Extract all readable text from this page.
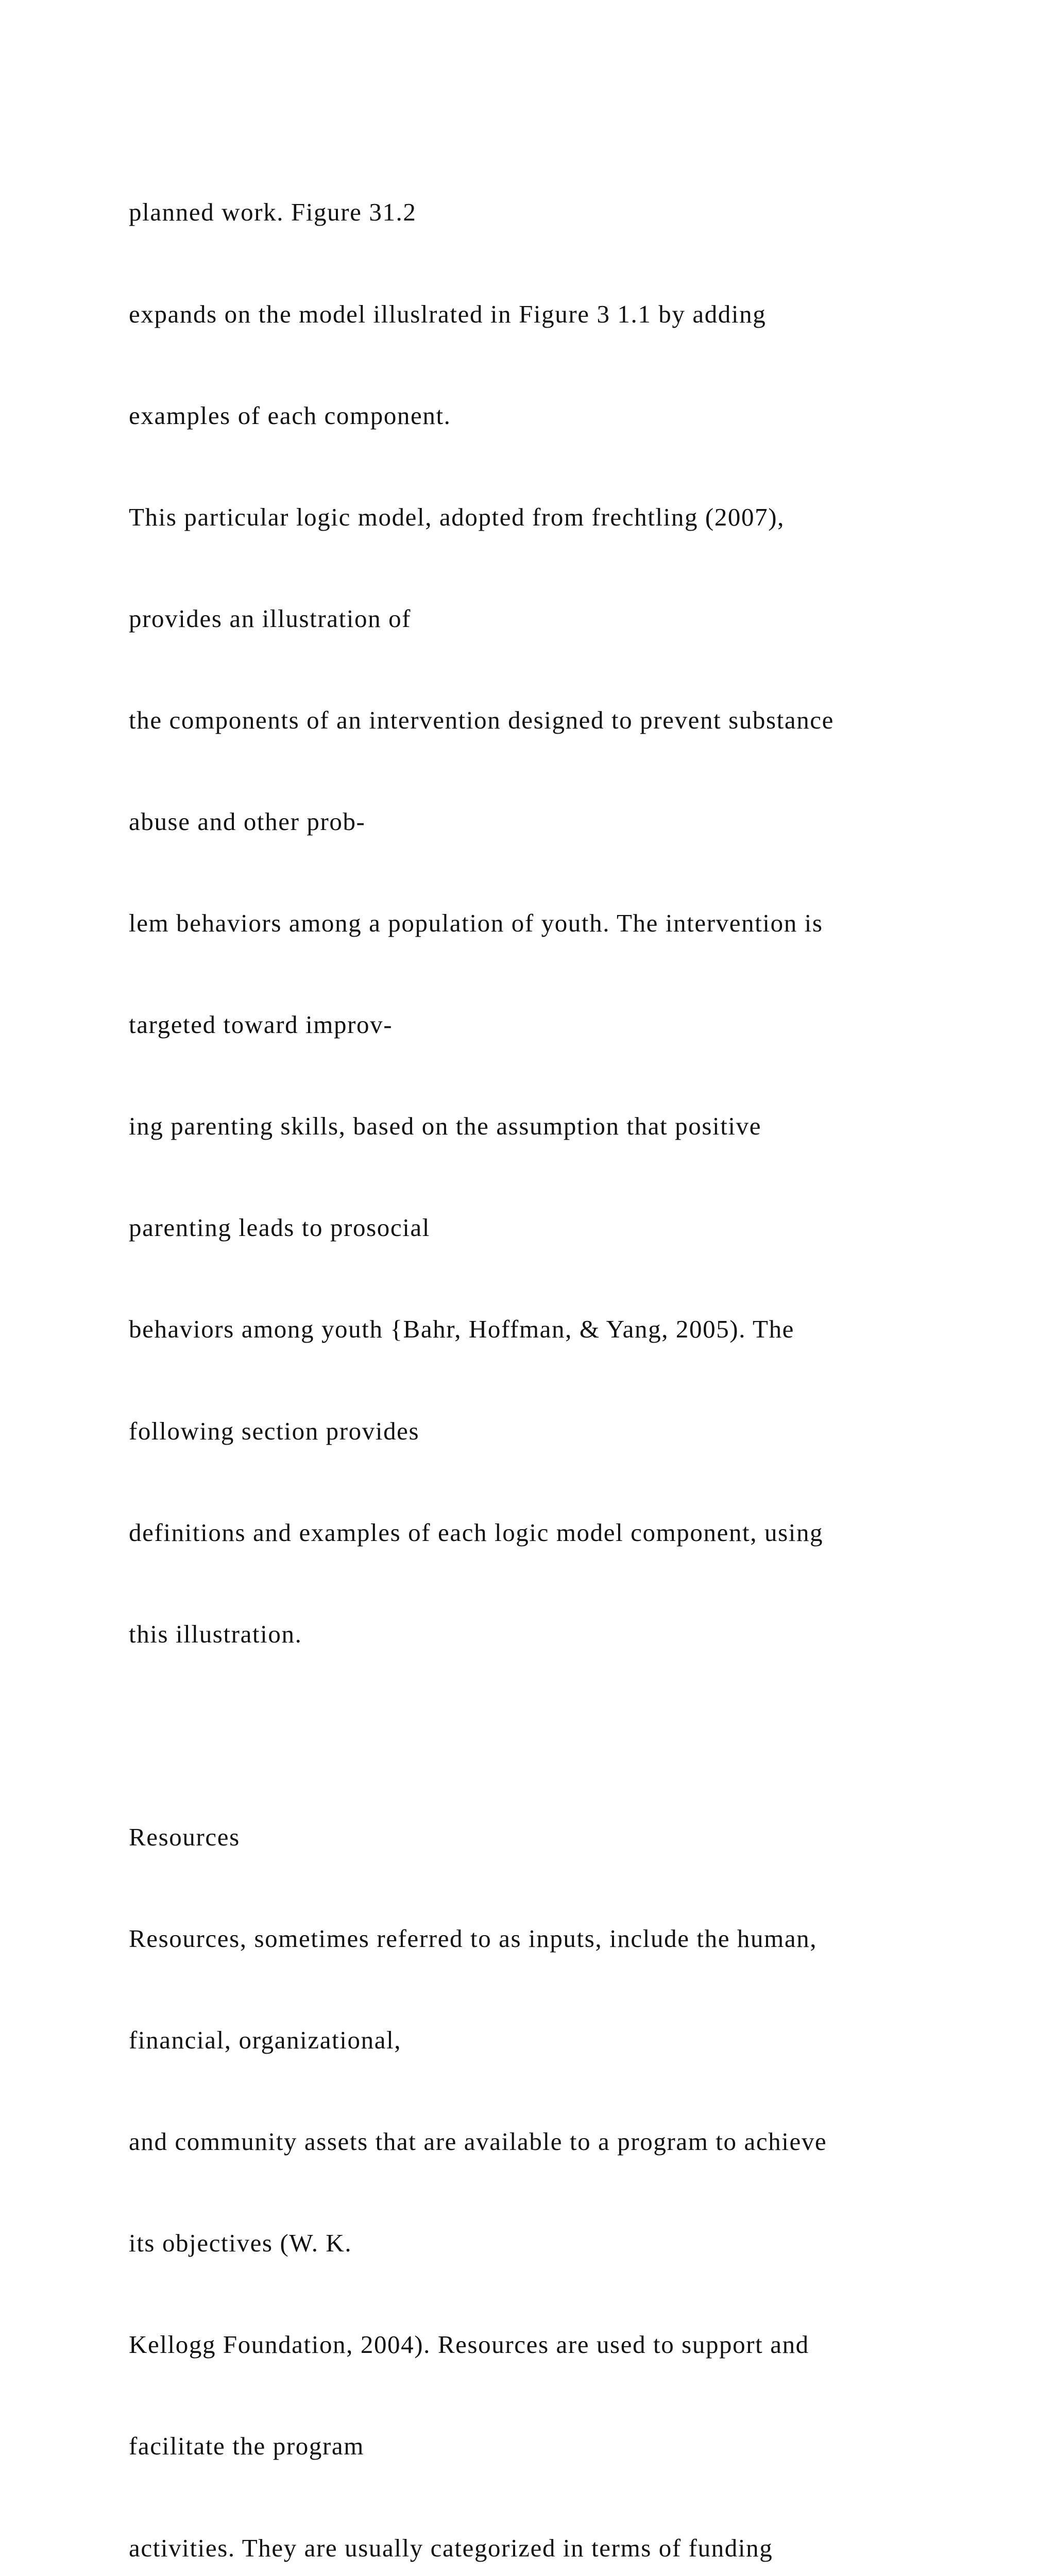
planned work. Figure 31.2

expands on the model illuslrated in Figure 3 1.1 by adding

examples of each component.

This particular logic model, adopted from frechtling (2007),

provides an illustration of

the components of an intervention designed to prevent substance

abuse and other prob-

lem behaviors among a population of youth. The intervention is

targeted toward improv-

ing parenting skills, based on the assumption that positive

parenting leads to prosocial

behaviors among youth {Bahr, Hoffman, & Yang, 2005). The

following section provides

definitions and examples of each logic model component, using

this illustration.

Resources

Resources, sometimes referred to as inputs, include the human,

financial, organizational,

and community assets that are available to a program to achieve

its objectives (W. K.

Kellogg Foundation, 2004). Resources are used to support and

facilitate the program

activities. They are usually categorized in terms of funding
